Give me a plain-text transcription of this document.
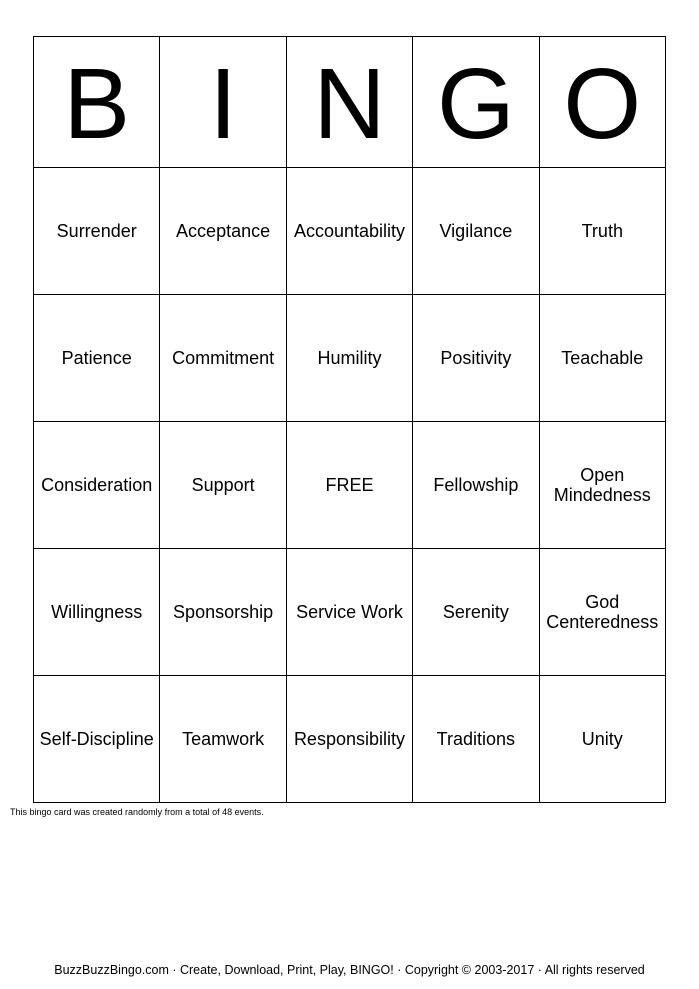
B	I	N	G	O
Surrender	Acceptance	Accountability	Vigilance	Truth
Patience	Commitment	Humility	Positivity	Teachable
Consideration	Support	FREE	Fellowship	Open Mindedness
Willingness	Sponsorship	Service Work	Serenity	God Centeredness
Self-Discipline	Teamwork	Responsibility	Traditions	Unity
This bingo card was created randomly from a total of 48 events.
BuzzBuzzBingo.com · Create, Download, Print, Play, BINGO! · Copyright © 2003-2017 · All rights reserved
